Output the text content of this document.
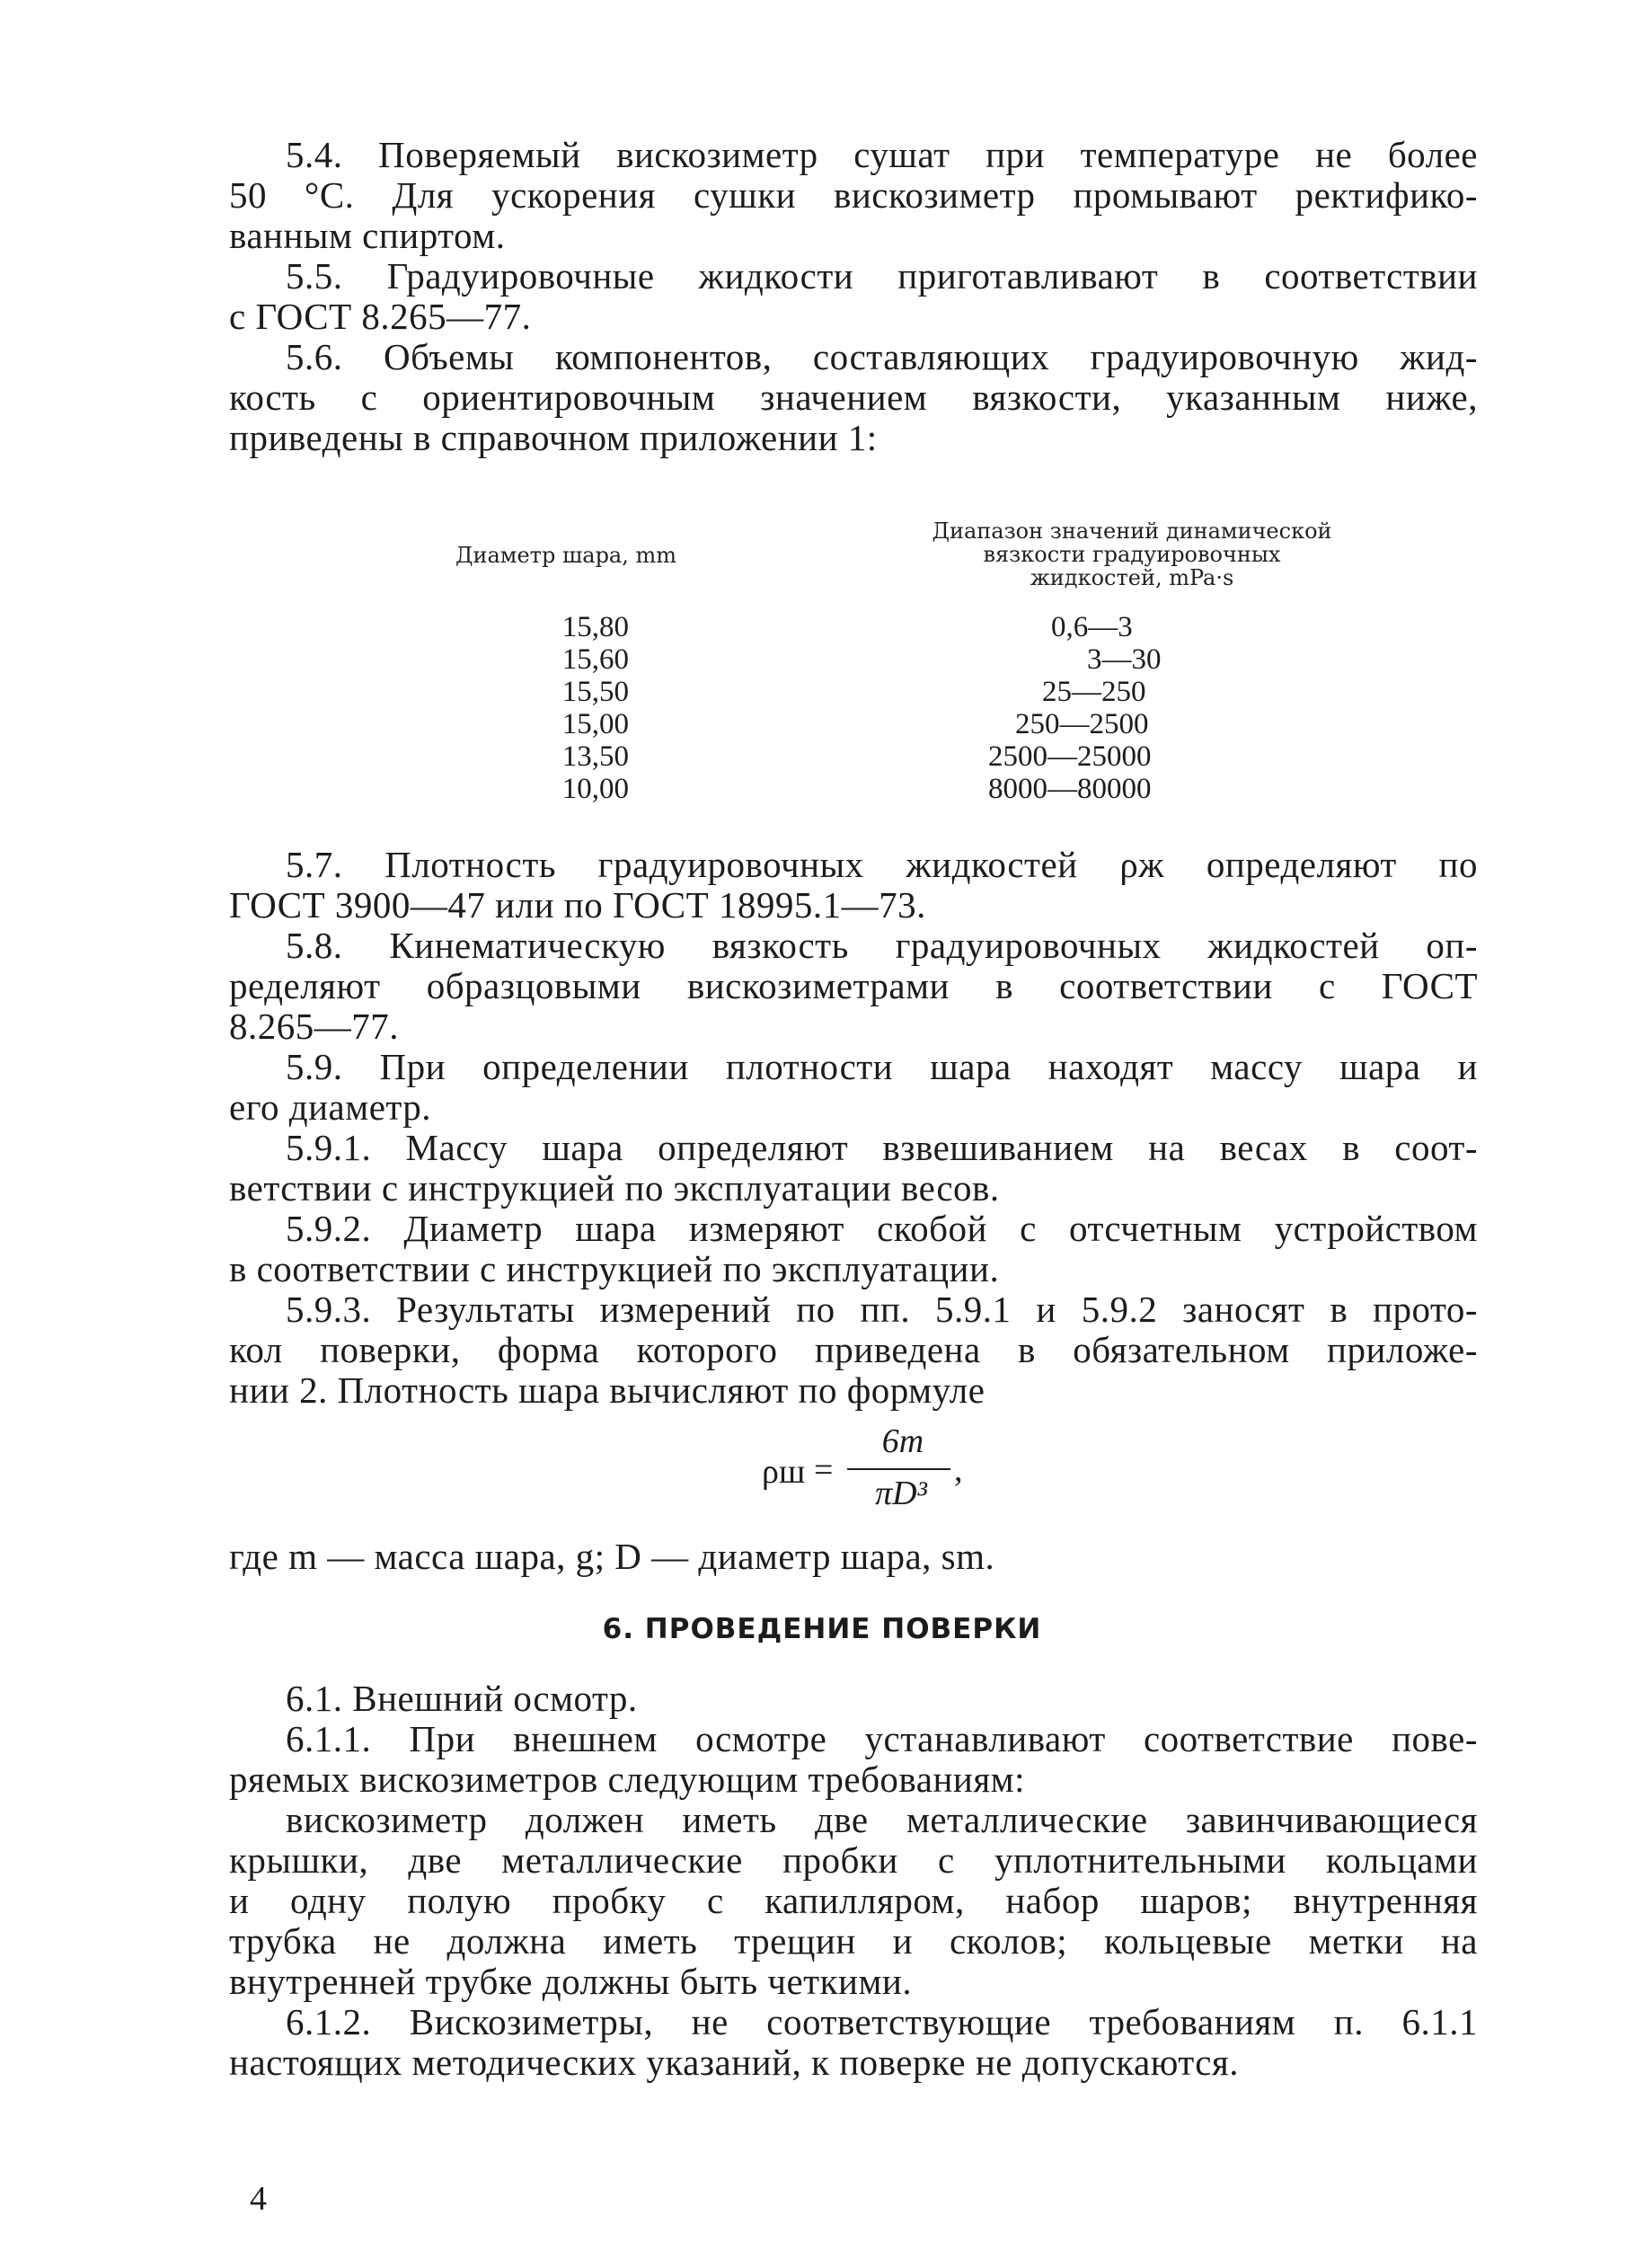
5.4. Поверяемый вискозиметр сушат при температуре не более
50 °С. Для ускорения сушки вискозиметр промывают ректифико-
ванным спиртом.

5.5. Градуировочные жидкости приготавливают в соответствии
с ГОСТ 8.265—77.

5.6. Объемы компонентов, составляющих градуировочную жид-
кость с ориентировочным значением вязкости, указанным ниже,
приведены в справочном приложении 1:

Диаметр шара, mm
Диапазон значений динамической
вязкости градуировочных
жидкостей, mPa·s
15,80
15,60
15,50
15,00
13,50
10,00
0,6—3
3—30
25—250
250—2500
2500—25000
8000—80000

5.7. Плотность градуировочных жидкостей ρж определяют по
ГОСТ 3900—47 или по ГОСТ 18995.1—73.

5.8. Кинематическую вязкость градуировочных жидкостей оп-
ределяют образцовыми вискозиметрами в соответствии с ГОСТ
8.265—77.

5.9. При определении плотности шара находят массу шара и
его диаметр.

5.9.1. Массу шара определяют взвешиванием на весах в соот-
ветствии с инструкцией по эксплуатации весов.

5.9.2. Диаметр шара измеряют скобой с отсчетным устройством
в соответствии с инструкцией по эксплуатации.

5.9.3. Результаты измерений по пп. 5.9.1 и 5.9.2 заносят в прото-
кол поверки, форма которого приведена в обязательном приложе-
нии 2. Плотность шара вычисляют по формуле

ρш =
6m
πD³
,

где m — масса шара, g; D — диаметр шара, sm.

6. ПРОВЕДЕНИЕ ПОВЕРКИ

6.1. Внешний осмотр.

6.1.1. При внешнем осмотре устанавливают соответствие пове-
ряемых вискозиметров следующим требованиям:

вискозиметр должен иметь две металлические завинчивающиеся
крышки, две металлические пробки с уплотнительными кольцами
и одну полую пробку с капилляром, набор шаров; внутренняя
трубка не должна иметь трещин и сколов; кольцевые метки на
внутренней трубке должны быть четкими.

6.1.2. Вискозиметры, не соответствующие требованиям п. 6.1.1
настоящих методических указаний, к поверке не допускаются.

4
